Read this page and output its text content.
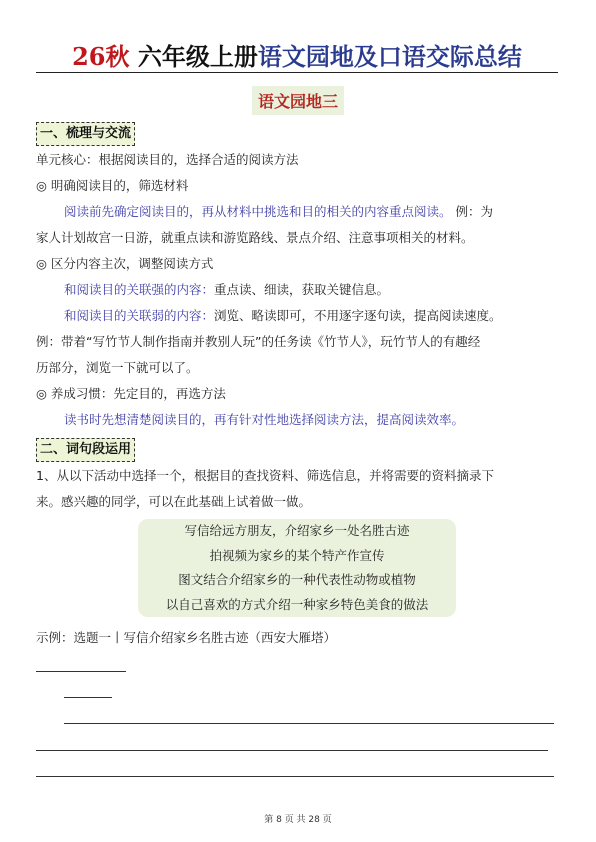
26秋 六年级上册语文园地及口语交际总结
语文园地三
一、梳理与交流
单元核心：根据阅读目的，选择合适的阅读方法
◎ 明确阅读目的，筛选材料
阅读前先确定阅读目的，再从材料中挑选和目的相关的内容重点阅读。 例：为
家人计划故宫一日游，就重点读和游览路线、景点介绍、注意事项相关的材料。
◎ 区分内容主次，调整阅读方式
和阅读目的关联强的内容：重点读、细读，获取关键信息。
和阅读目的关联弱的内容：浏览、略读即可，不用逐字逐句读，提高阅读速度。
例：带着“写竹节人制作指南并教别人玩”的任务读《竹节人》，玩竹节人的有趣经
历部分，浏览一下就可以了。
◎ 养成习惯：先定目的，再选方法
读书时先想清楚阅读目的，再有针对性地选择阅读方法，提高阅读效率。
二、词句段运用
1、从以下活动中选择一个，根据目的查找资料、筛选信息，并将需要的资料摘录下
来。感兴趣的同学，可以在此基础上试着做一做。
写信给远方朋友，介绍家乡一处名胜古迹
拍视频为家乡的某个特产作宣传
图文结合介绍家乡的一种代表性动物或植物
以自己喜欢的方式介绍一种家乡特色美食的做法
示例：选题一丨写信介绍家乡名胜古迹（西安大雁塔）
第 8 页 共 28 页
